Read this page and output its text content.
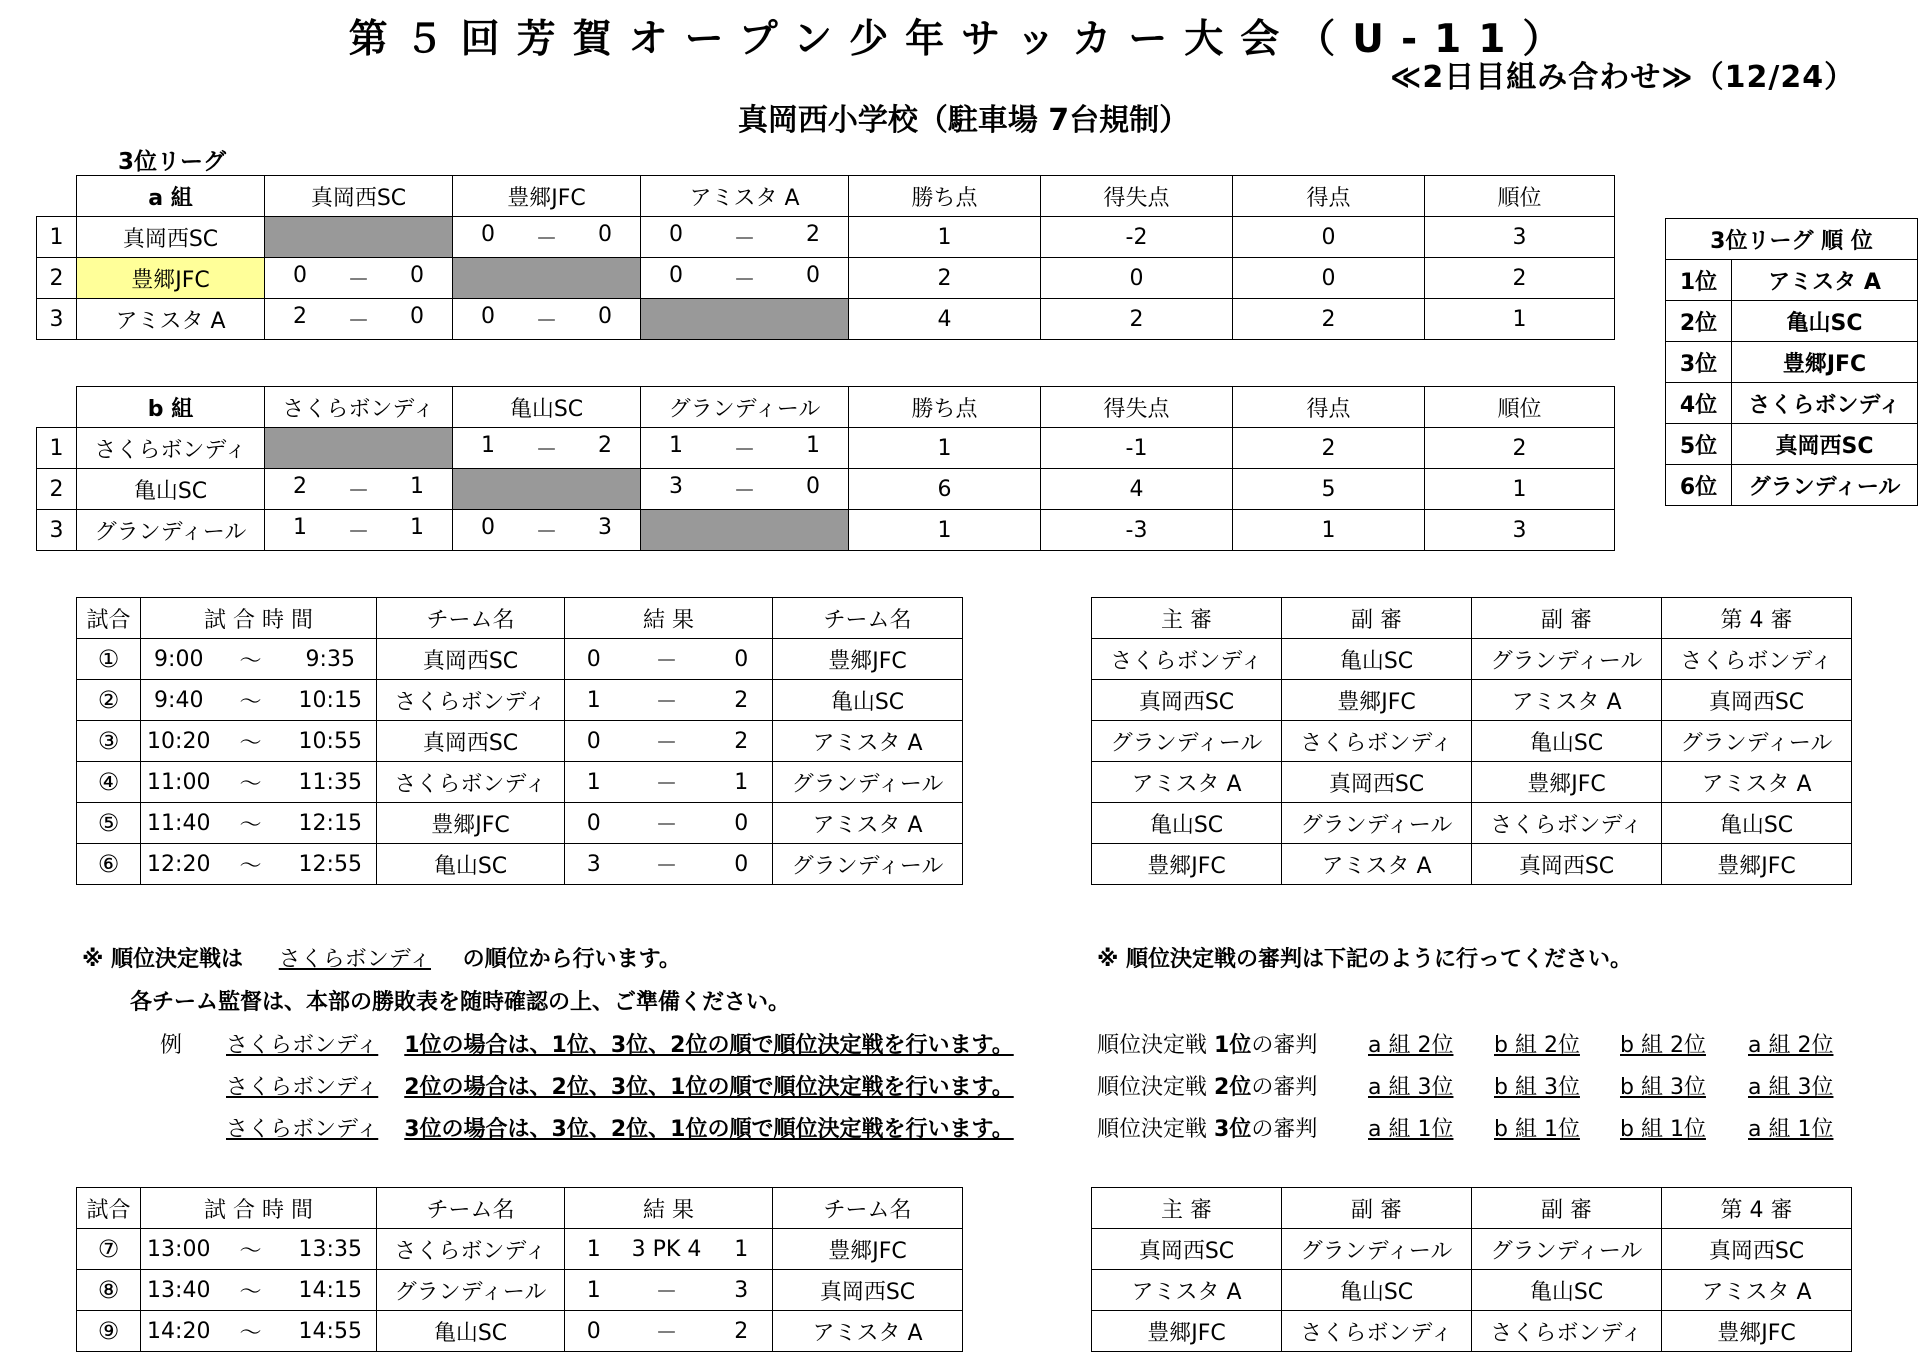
第５回芳賀オープン少年サッカー大会（U-11）
≪2日目組み合わせ≫（12/24）
真岡西小学校（駐車場 7台規制）
3位リーグ
	a 組	真岡西SC	豊郷JFC	アミスタ A	勝ち点	得失点	得点	順位
1	真岡西SC		0 － 0	0 － 2	1	-2	0	3
2	豊郷JFC	0 － 0		0 － 0	2	0	0	2
3	アミスタ A	2 － 0	0 － 0		4	2	2	1
	b 組	さくらボンディ	亀山SC	グランディール	勝ち点	得失点	得点	順位
1	さくらボンディ		1 － 2	1 － 1	1	-1	2	2
2	亀山SC	2 － 1		3 － 0	6	4	5	1
3	グランディール	1 － 1	0 － 3		1	-3	1	3
3位リーグ 順 位	
1位	アミスタ A
2位	亀山SC
3位	豊郷JFC
4位	さくらボンディ
5位	真岡西SC
6位	グランディール
試合	試 合 時 間			チーム名	結 果			チーム名
①	9:00	～	9:35	真岡西SC	0	－	0	豊郷JFC
②	9:40	～	10:15	さくらボンディ	1	－	2	亀山SC
③	10:20	～	10:55	真岡西SC	0	－	2	アミスタ A
④	11:00	～	11:35	さくらボンディ	1	－	1	グランディール
⑤	11:40	～	12:15	豊郷JFC	0	－	0	アミスタ A
⑥	12:20	～	12:55	亀山SC	3	－	0	グランディール
主 審	副 審	副 審	第 4 審
さくらボンディ	亀山SC	グランディール	さくらボンディ
真岡西SC	豊郷JFC	アミスタ A	真岡西SC
グランディール	さくらボンディ	亀山SC	グランディール
アミスタ A	真岡西SC	豊郷JFC	アミスタ A
亀山SC	グランディール	さくらボンディ	亀山SC
豊郷JFC	アミスタ A	真岡西SC	豊郷JFC
※ 順位決定戦は さくらボンディ の順位から行います。
各チーム監督は、本部の勝敗表を随時確認の上、ご準備ください。
例 さくらボンディ 1位の場合は、1位、3位、2位の順で順位決定戦を行います。
さくらボンディ 2位の場合は、2位、3位、1位の順で順位決定戦を行います。
さくらボンディ 3位の場合は、3位、2位、1位の順で順位決定戦を行います。
※ 順位決定戦の審判は下記のように行ってください。
順位決定戦 1位の審判 a 組 2位 b 組 2位 b 組 2位 a 組 2位
順位決定戦 2位の審判 a 組 3位 b 組 3位 b 組 3位 a 組 3位
順位決定戦 3位の審判 a 組 1位 b 組 1位 b 組 1位 a 組 1位
試合	試 合 時 間			チーム名	結 果			チーム名
⑦	13:00	～	13:35	さくらボンディ	1	3 PK 4	1	豊郷JFC
⑧	13:40	～	14:15	グランディール	1	－	3	真岡西SC
⑨	14:20	～	14:55	亀山SC	0	－	2	アミスタ A
主 審	副 審	副 審	第 4 審
真岡西SC	グランディール	グランディール	真岡西SC
アミスタ A	亀山SC	亀山SC	アミスタ A
豊郷JFC	さくらボンディ	さくらボンディ	豊郷JFC
